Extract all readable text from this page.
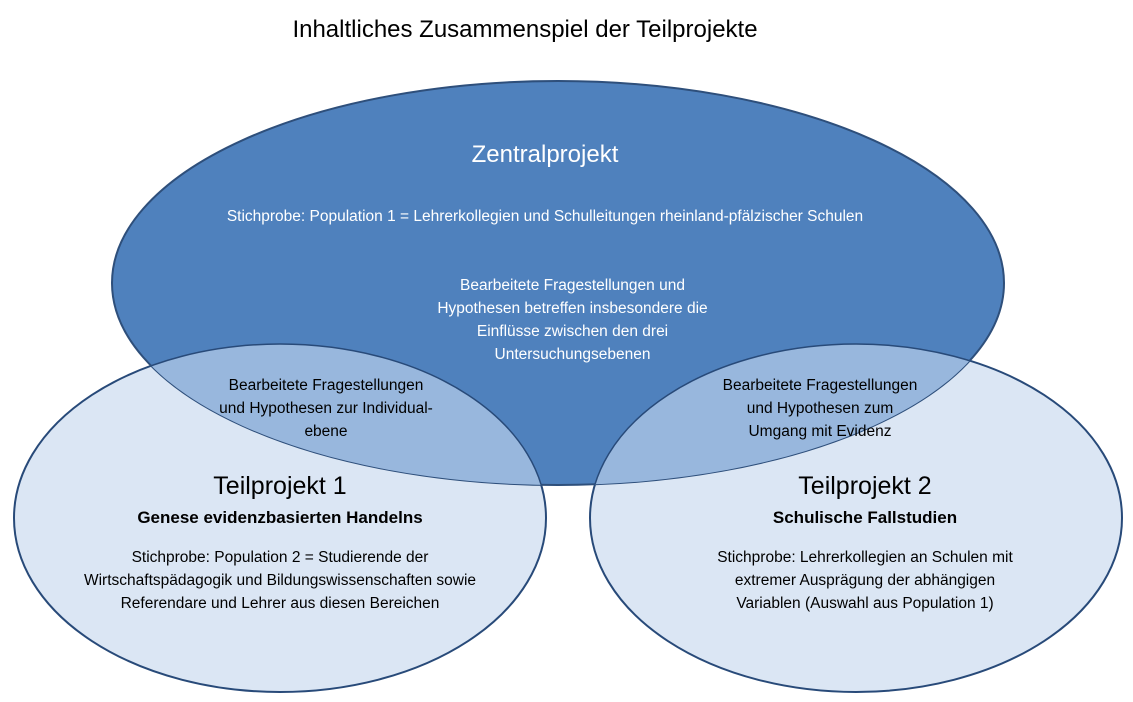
Inhaltliches Zusammenspiel der Teilprojekte
Zentralprojekt
Stichprobe: Population 1 = Lehrerkollegien und Schulleitungen rheinland-pfälzischer Schulen
Bearbeitete Fragestellungen und
Hypothesen betreffen insbesondere die
Einflüsse zwischen den drei
Untersuchungsebenen
Bearbeitete Fragestellungen
und Hypothesen zur Individual-
ebene
Bearbeitete Fragestellungen
und Hypothesen zum
Umgang mit Evidenz
Teilprojekt 1
Genese evidenzbasierten Handelns
Stichprobe: Population 2 = Studierende der
Wirtschaftspädagogik und Bildungswissenschaften sowie
Referendare und Lehrer aus diesen Bereichen
Teilprojekt 2
Schulische Fallstudien
Stichprobe: Lehrerkollegien an Schulen mit
extremer Ausprägung der abhängigen
Variablen (Auswahl aus Population 1)
